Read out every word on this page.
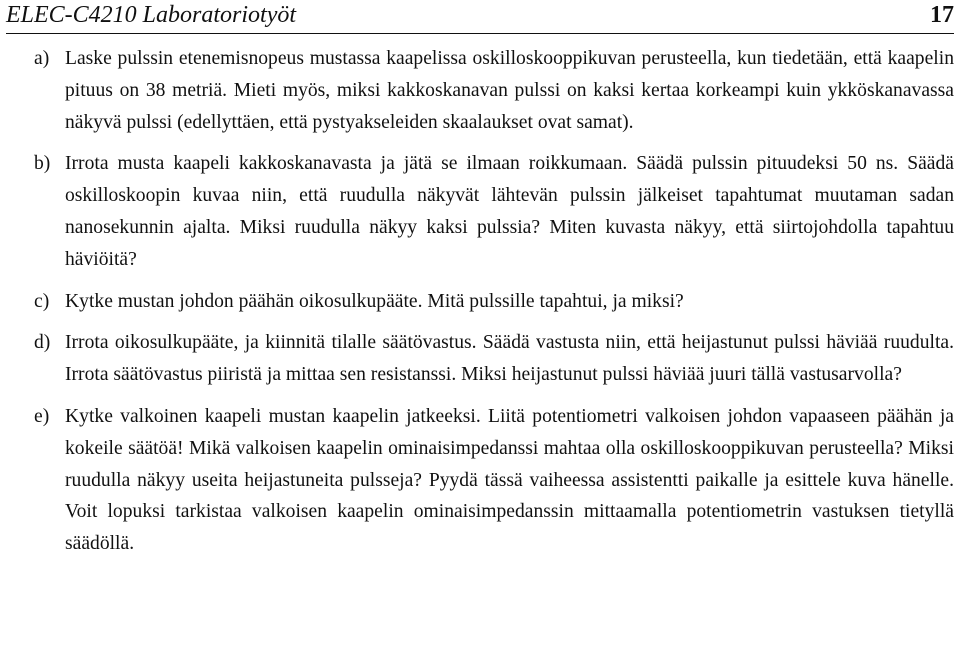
ELEC-C4210 Laboratoriotyöt	17
a) Laske pulssin etenemisnopeus mustassa kaapelissa oskilloskooppikuvan perusteella, kun tiedetään, että kaapelin pituus on 38 metriä. Mieti myös, miksi kakkoskanavan pulssi on kaksi kertaa korkeampi kuin ykköskanavassa näkyvä pulssi (edellyttäen, että pystyakseleiden skaalaukset ovat samat).
b) Irrota musta kaapeli kakkoskanavasta ja jätä se ilmaan roikkumaan. Säädä pulssin pituudeksi 50 ns. Säädä oskilloskoopin kuvaa niin, että ruudulla näkyvät lähtevän pulssin jälkeiset tapahtumat muutaman sadan nanosekunnin ajalta. Miksi ruudulla näkyy kaksi pulssia? Miten kuvasta näkyy, että siirtojohdolla tapahtuu häviöitä?
c) Kytke mustan johdon päähän oikosulkupääte. Mitä pulssille tapahtui, ja miksi?
d) Irrota oikosulkupääte, ja kiinnitä tilalle säätövastus. Säädä vastusta niin, että heijastunut pulssi häviää ruudulta. Irrota säätövastus piiristä ja mittaa sen resistanssi. Miksi heijastunut pulssi häviää juuri tällä vastusarvolla?
e) Kytke valkoinen kaapeli mustan kaapelin jatkeeksi. Liitä potentiometri valkoisen johdon vapaaseen päähän ja kokeile säätöä! Mikä valkoisen kaapelin ominaisimpedanssi mahtaa olla oskilloskooppikuvan perusteella? Miksi ruudulla näkyy useita heijastuneita pulsseja? Pyydä tässä vaiheessa assistentti paikalle ja esittele kuva hänelle. Voit lopuksi tarkistaa valkoisen kaapelin ominaisimpedanssin mittaamalla potentiometrin vastuksen tietyllä säädöllä.
